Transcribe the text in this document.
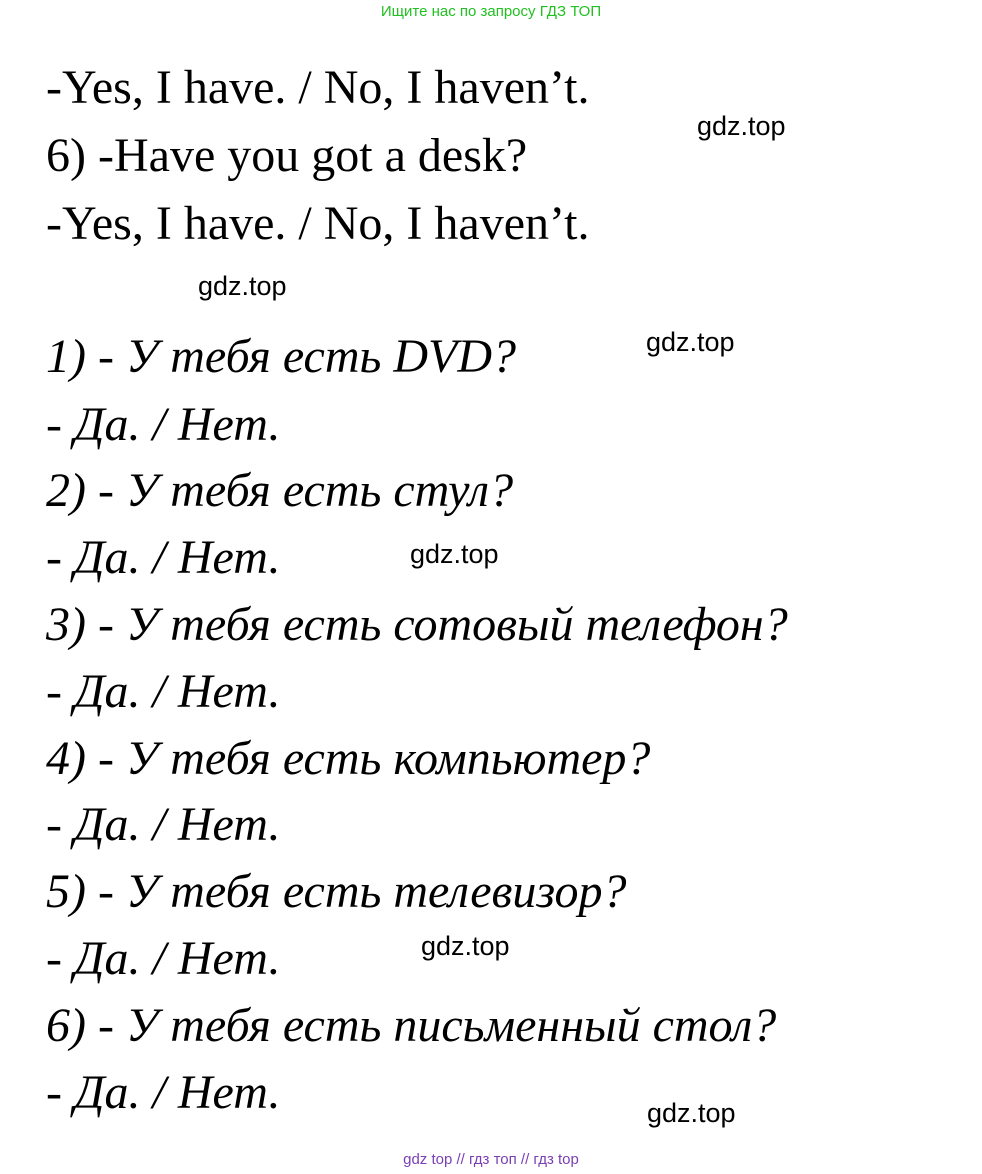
Ищите нас по запросу ГДЗ ТОП
-Yes, I have. / No, I haven’t.
6) -Have you got a desk?
-Yes, I have. / No, I haven’t.
1) - У тебя есть DVD?
- Да. / Нет.
2) - У тебя есть стул?
- Да. / Нет.
3) - У тебя есть сотовый телефон?
- Да. / Нет.
4) - У тебя есть компьютер?
- Да. / Нет.
5) - У тебя есть телевизор?
- Да. / Нет.
6) - У тебя есть письменный стол?
- Да. / Нет.
gdz.top
gdz.top
gdz.top
gdz.top
gdz.top
gdz.top
gdz top // гдз топ // гдз top
